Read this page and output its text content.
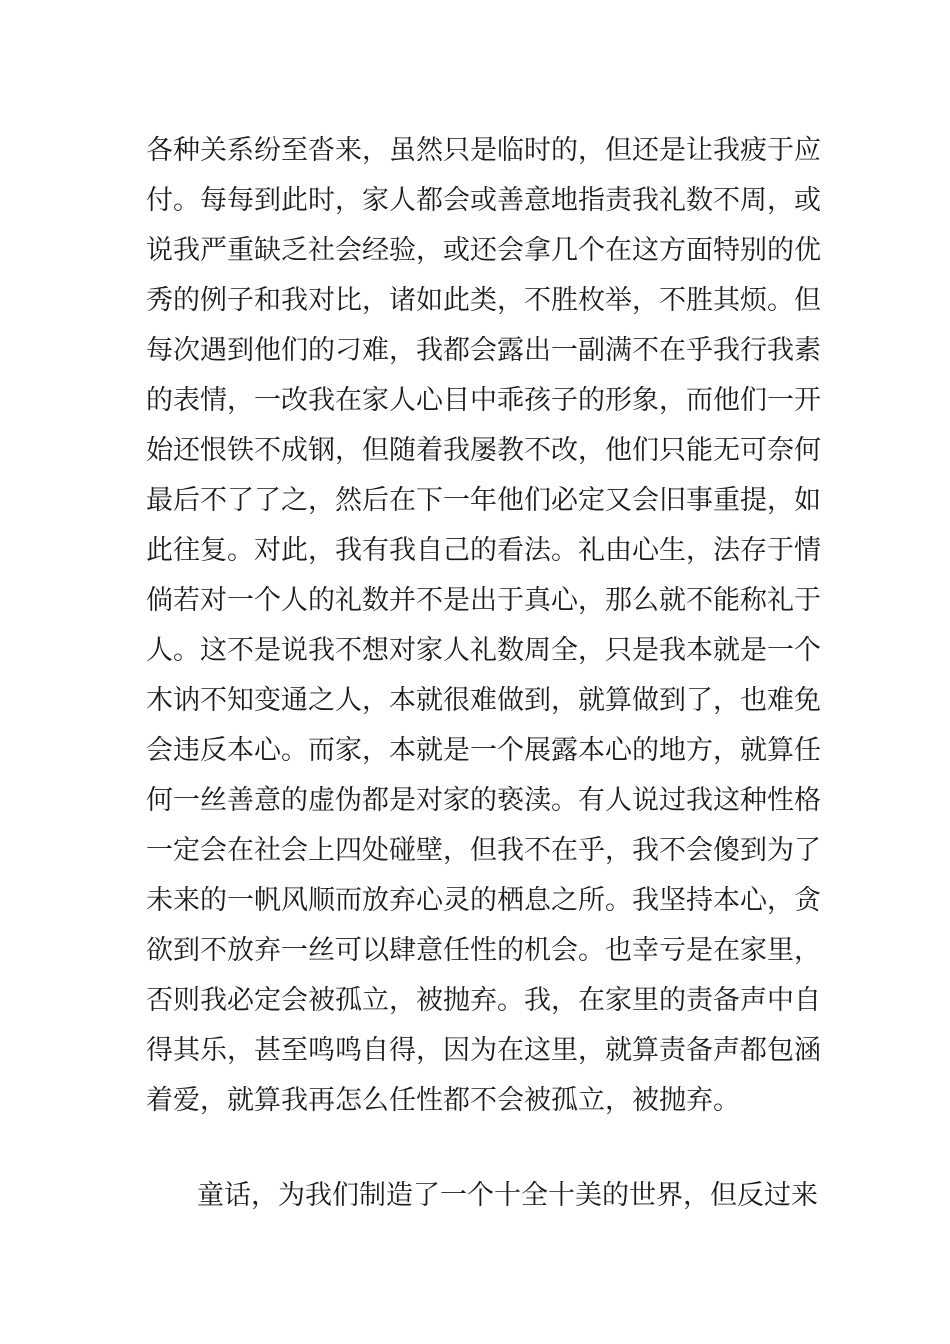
各种关系纷至沓来，虽然只是临时的，但还是让我疲于应
付。每每到此时，家人都会或善意地指责我礼数不周，或
说我严重缺乏社会经验，或还会拿几个在这方面特别的优
秀的例子和我对比，诸如此类，不胜枚举，不胜其烦。但
每次遇到他们的刁难，我都会露出一副满不在乎我行我素
的表情，一改我在家人心目中乖孩子的形象，而他们一开
始还恨铁不成钢，但随着我屡教不改，他们只能无可奈何
最后不了了之，然后在下一年他们必定又会旧事重提，如
此往复。对此，我有我自己的看法。礼由心生，法存于情
倘若对一个人的礼数并不是出于真心，那么就不能称礼于
人。这不是说我不想对家人礼数周全，只是我本就是一个
木讷不知变通之人，本就很难做到，就算做到了，也难免
会违反本心。而家，本就是一个展露本心的地方，就算任
何一丝善意的虚伪都是对家的亵渎。有人说过我这种性格
一定会在社会上四处碰壁，但我不在乎，我不会傻到为了
未来的一帆风顺而放弃心灵的栖息之所。我坚持本心，贪
欲到不放弃一丝可以肆意任性的机会。也幸亏是在家里，
否则我必定会被孤立，被抛弃。我，在家里的责备声中自
得其乐，甚至鸣鸣自得，因为在这里，就算责备声都包涵
着爱，就算我再怎么任性都不会被孤立，被抛弃。
童话，为我们制造了一个十全十美的世界，但反过来
